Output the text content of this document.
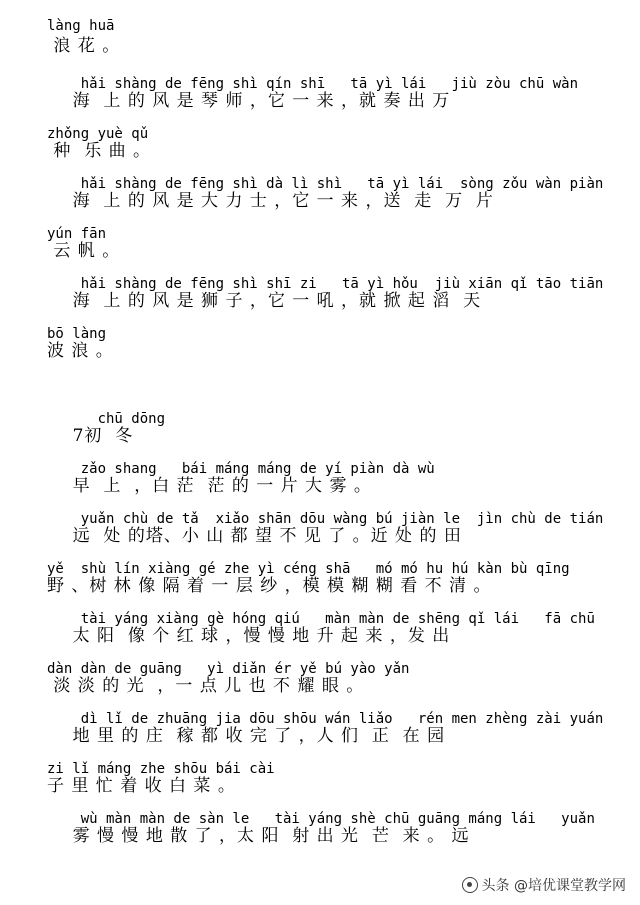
làng huā
浪 花 。
hǎi shàng de fēng shì qín shī   tā yì lái   jiù zòu chū wàn
海  上 的 风 是 琴 师 ，它 一 来 ，就 奏 出 万
zhǒng yuè qǔ
种  乐 曲 。
hǎi shàng de fēng shì dà lì shì   tā yì lái  sòng zǒu wàn piàn
海  上 的 风 是 大 力 士 ，它 一 来 ，送  走  万  片
yún fān
云 帆 。
hǎi shàng de fēng shì shī zi   tā yì hǒu  jiù xiān qǐ tāo tiān
海  上 的 风 是 狮 子 ，它 一 吼 ，就 掀 起 滔  天
bō làng
波 浪 。
chū dōng
7初  冬
zǎo shang   bái máng máng de yí piàn dà wù
早  上  ，白 茫  茫 的 一 片 大 雾 。
yuǎn chù de tǎ  xiǎo shān dōu wàng bú jiàn le  jìn chù de tián
远  处 的塔、小 山 都 望 不 见 了 。近 处 的 田
yě  shù lín xiàng gé zhe yì céng shā   mó mó hu hú kàn bù qīng
野 、树 林 像 隔 着 一 层 纱 ，模 模 糊 糊 看 不 清 。
tài yáng xiàng gè hóng qiú   màn màn de shēng qǐ lái   fā chū
太 阳  像 个 红 球 ，慢 慢 地 升 起 来 ，发 出
dàn dàn de guāng   yì diǎn ér yě bú yào yǎn
淡 淡 的 光  ，一 点 儿 也 不 耀 眼 。
dì lǐ de zhuāng jia dōu shōu wán liǎo   rén men zhèng zài yuán
地 里 的 庄  稼 都 收 完 了 ，人 们  正  在 园
zi lǐ máng zhe shōu bái cài
子 里 忙 着 收 白 菜 。
wù màn màn de sàn le   tài yáng shè chū guāng máng lái   yuǎn
雾 慢 慢 地 散 了 ，太 阳  射 出 光  芒  来 。 远
头条 @培优课堂教学网
